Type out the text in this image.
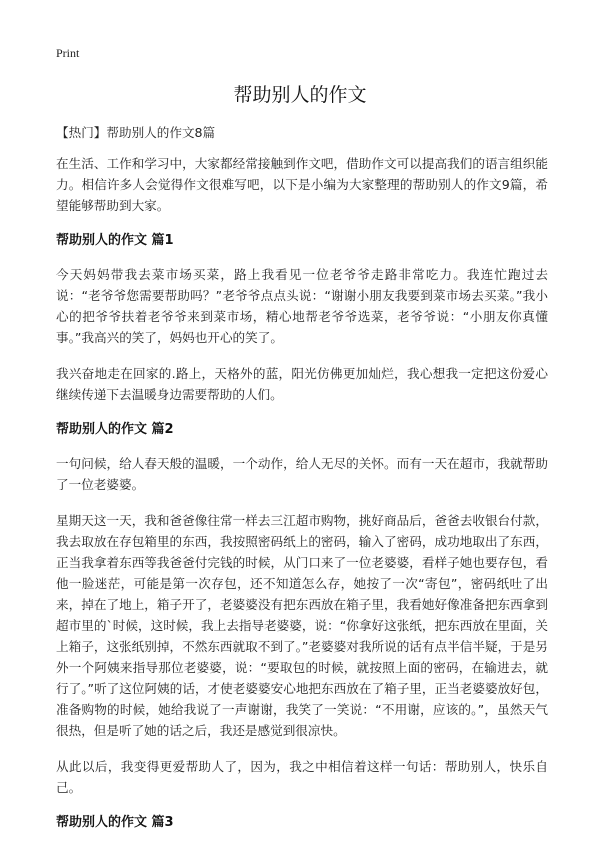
Print
帮助别人的作文

【热门】帮助别人的作文8篇

在生活、工作和学习中，大家都经常接触到作文吧，借助作文可以提高我们的语言组织能力。相信许多人会觉得作文很难写吧，以下是小编为大家整理的帮助别人的作文9篇，希望能够帮助到大家。

帮助别人的作文 篇1

今天妈妈带我去菜市场买菜，路上我看见一位老爷爷走路非常吃力。我连忙跑过去说：“老爷爷您需要帮助吗？”老爷爷点点头说：“谢谢小朋友我要到菜市场去买菜。”我小心的把爷爷扶着老爷爷来到菜市场，精心地帮老爷爷选菜，老爷爷说：“小朋友你真懂事。”我高兴的笑了，妈妈也开心的笑了。

我兴奋地走在回家的.路上，天格外的蓝，阳光仿佛更加灿烂，我心想我一定把这份爱心继续传递下去温暖身边需要帮助的人们。

帮助别人的作文 篇2

一句问候，给人春天般的温暖，一个动作，给人无尽的关怀。而有一天在超市，我就帮助了一位老婆婆。

星期天这一天，我和爸爸像往常一样去三江超市购物，挑好商品后，爸爸去收银台付款，我去取放在存包箱里的东西，我按照密码纸上的密码，输入了密码，成功地取出了东西，正当我拿着东西等我爸爸付完钱的时候，从门口来了一位老婆婆，看样子她也要存包，看他一脸迷茫，可能是第一次存包，还不知道怎么存，她按了一次“寄包”，密码纸吐了出来，掉在了地上，箱子开了，老婆婆没有把东西放在箱子里，我看她好像准备把东西拿到超市里的`时候，这时候，我上去指导老婆婆，说：“你拿好这张纸，把东西放在里面，关上箱子，这张纸别掉，不然东西就取不到了。”老婆婆对我所说的话有点半信半疑，于是另外一个阿姨来指导那位老婆婆，说：“要取包的时候，就按照上面的密码，在输进去，就行了。”听了这位阿姨的话，才使老婆婆安心地把东西放在了箱子里，正当老婆婆放好包，准备购物的时候，她给我说了一声谢谢，我笑了一笑说：“不用谢，应该的。”，虽然天气很热，但是听了她的话之后，我还是感觉到很凉快。

从此以后，我变得更爱帮助人了，因为，我之中相信着这样一句话：帮助别人，快乐自己。

帮助别人的作文 篇3
